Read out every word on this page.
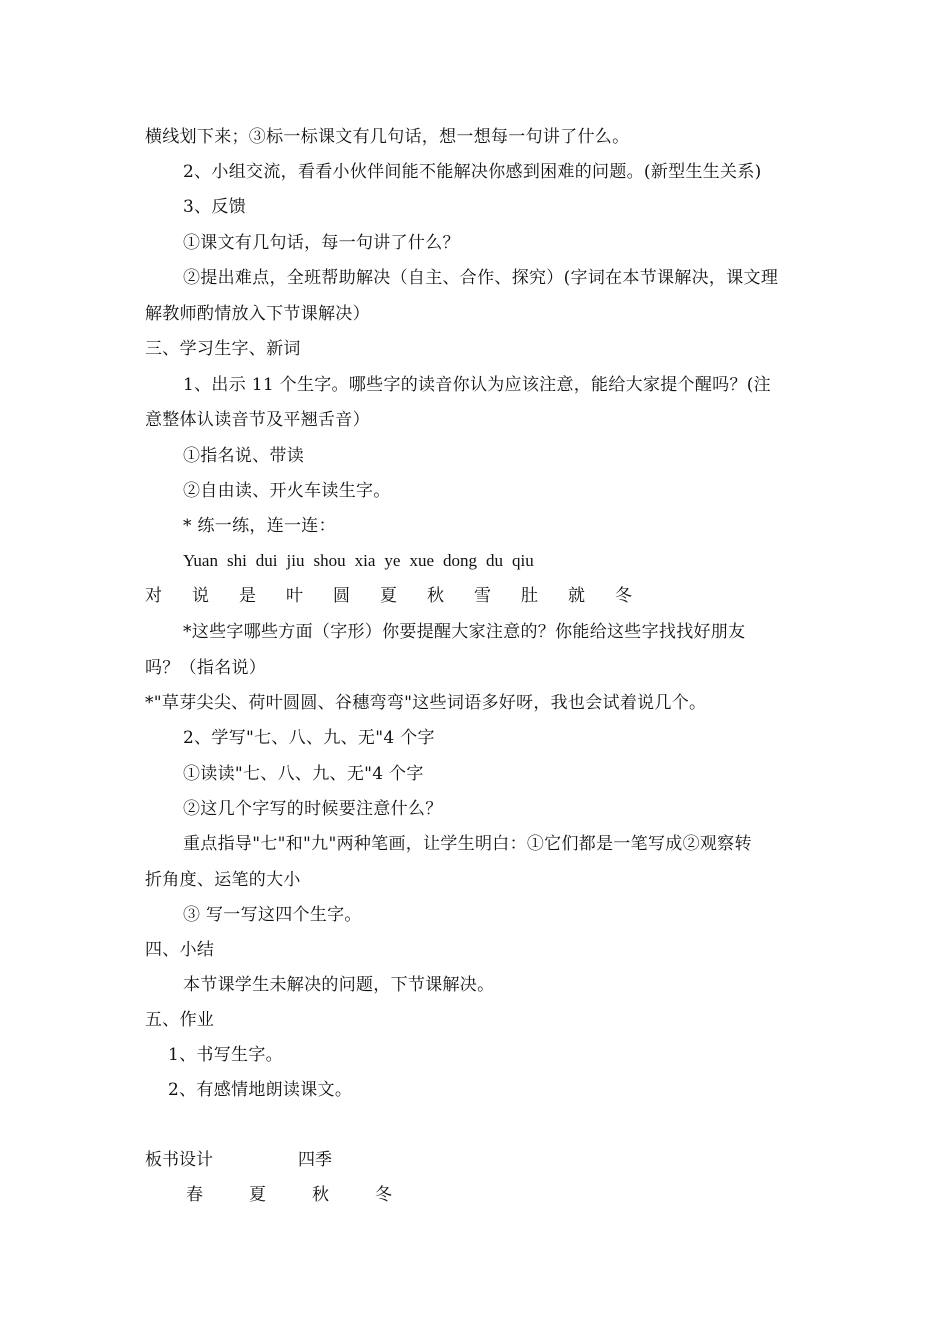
横线划下来；③标一标课文有几句话，想一想每一句讲了什么。
2、小组交流，看看小伙伴间能不能解决你感到困难的问题。(新型生生关系)
3、反馈
①课文有几句话，每一句讲了什么？
②提出难点，全班帮助解决（自主、合作、探究）(字词在本节课解决，课文理
解教师酌情放入下节课解决）
三、学习生字、新词
1、出示 11 个生字。哪些字的读音你认为应该注意，能给大家提个醒吗？(注
意整体认读音节及平翘舌音）
①指名说、带读
②自由读、开火车读生字。
* 练一练，连一连：
Yuan shi dui jiu shou xia ye xue dong du qiu
对	说	是	叶	圆	夏	秋	雪	肚	就	冬
*这些字哪些方面（字形）你要提醒大家注意的？你能给这些字找找好朋友
吗？（指名说）
*"草芽尖尖、荷叶圆圆、谷穗弯弯"这些词语多好呀，我也会试着说几个。
2、学写"七、八、九、无"4 个字
①读读"七、八、九、无"4 个字
②这几个字写的时候要注意什么？
重点指导"七"和"九"两种笔画，让学生明白：①它们都是一笔写成②观察转
折角度、运笔的大小
③ 写一写这四个生字。
四、小结
本节课学生未解决的问题，下节课解决。
五、作业
1、书写生字。
2、有感情地朗读课文。
板书设计	四季
春	夏	秋	冬
